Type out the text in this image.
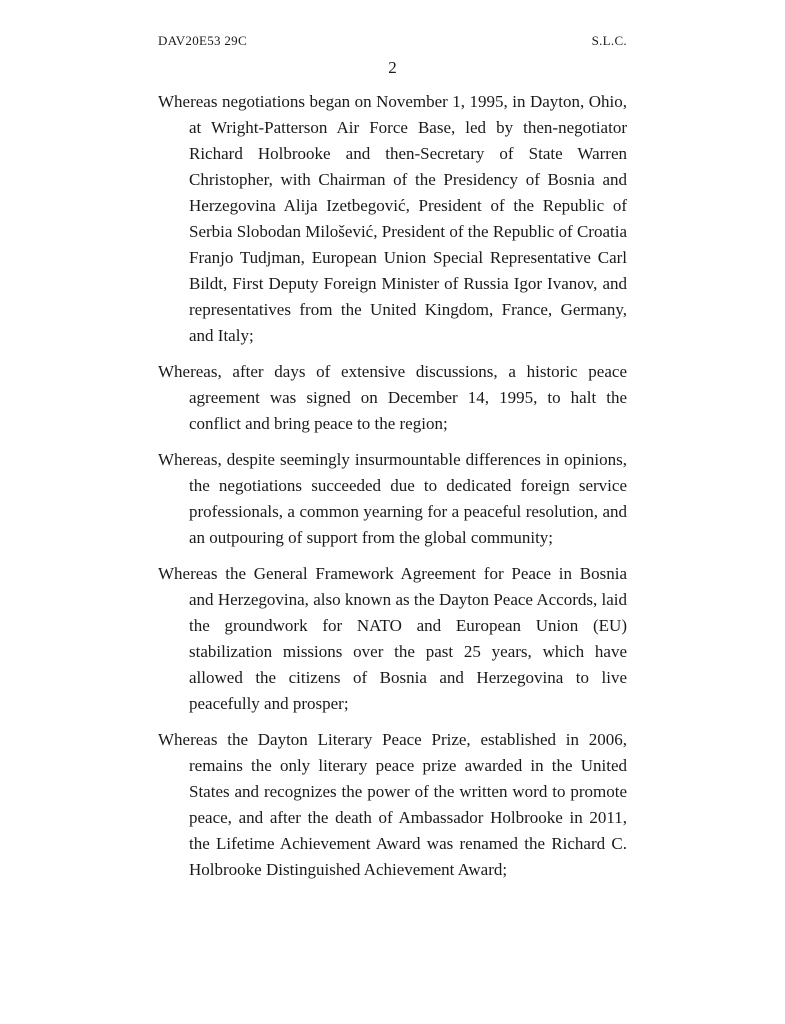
DAV20E53 29C	S.L.C.
2

Whereas negotiations began on November 1, 1995, in Dayton, Ohio, at Wright-Patterson Air Force Base, led by then-negotiator Richard Holbrooke and then-Secretary of State Warren Christopher, with Chairman of the Presidency of Bosnia and Herzegovina Alija Izetbegović, President of the Republic of Serbia Slobodan Milošević, President of the Republic of Croatia Franjo Tudjman, European Union Special Representative Carl Bildt, First Deputy Foreign Minister of Russia Igor Ivanov, and representatives from the United Kingdom, France, Germany, and Italy;

Whereas, after days of extensive discussions, a historic peace agreement was signed on December 14, 1995, to halt the conflict and bring peace to the region;

Whereas, despite seemingly insurmountable differences in opinions, the negotiations succeeded due to dedicated foreign service professionals, a common yearning for a peaceful resolution, and an outpouring of support from the global community;

Whereas the General Framework Agreement for Peace in Bosnia and Herzegovina, also known as the Dayton Peace Accords, laid the groundwork for NATO and European Union (EU) stabilization missions over the past 25 years, which have allowed the citizens of Bosnia and Herzegovina to live peacefully and prosper;

Whereas the Dayton Literary Peace Prize, established in 2006, remains the only literary peace prize awarded in the United States and recognizes the power of the written word to promote peace, and after the death of Ambassador Holbrooke in 2011, the Lifetime Achievement Award was renamed the Richard C. Holbrooke Distinguished Achievement Award;
